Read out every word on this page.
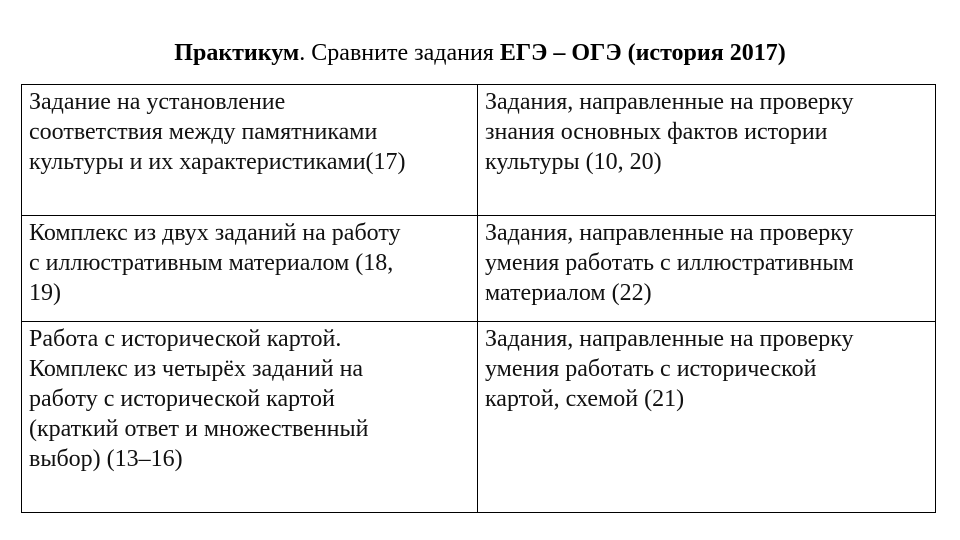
Практикум. Сравните задания ЕГЭ – ОГЭ (история 2017)
Задание на установление
соответствия между памятниками
культуры и их характеристиками(17)	Задания, направленные на проверку
знания основных фактов истории
культуры (10, 20)

Комплекс из двух заданий на работу
с иллюстративным материалом (18,
19)	Задания, направленные на проверку
умения работать с иллюстративным
материалом (22)

Работа с исторической картой.
Комплекс из четырёх заданий на
работу с исторической картой
(краткий ответ и множественный
выбор) (13–16)	Задания, направленные на проверку
умения работать с исторической
картой, схемой (21)
